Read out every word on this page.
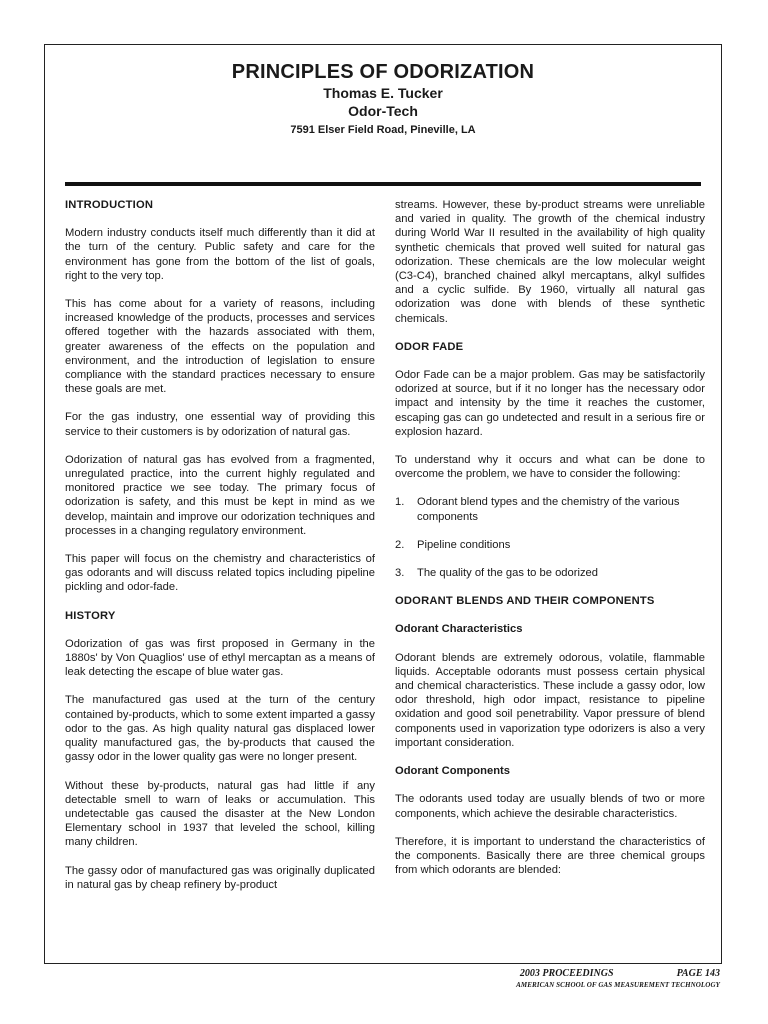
PRINCIPLES OF ODORIZATION
Thomas E. Tucker
Odor-Tech
7591 Elser Field Road, Pineville, LA
INTRODUCTION

Modern industry conducts itself much differently than it did at the turn of the century. Public safety and care for the environment has gone from the bottom of the list of goals, right to the very top.

This has come about for a variety of reasons, including increased knowledge of the products, processes and services offered together with the hazards associated with them, greater awareness of the effects on the population and environment, and the introduction of legislation to ensure compliance with the standard practices necessary to ensure these goals are met.

For the gas industry, one essential way of providing this service to their customers is by odorization of natural gas.

Odorization of natural gas has evolved from a fragmented, unregulated practice, into the current highly regulated and monitored practice we see today. The primary focus of odorization is safety, and this must be kept in mind as we develop, maintain and improve our odorization techniques and processes in a changing regulatory environment.

This paper will focus on the chemistry and characteristics of gas odorants and will discuss related topics including pipeline pickling and odor-fade.

HISTORY

Odorization of gas was first proposed in Germany in the 1880s' by Von Quaglios' use of ethyl mercaptan as a means of leak detecting the escape of blue water gas.

The manufactured gas used at the turn of the century contained by-products, which to some extent imparted a gassy odor to the gas. As high quality natural gas displaced lower quality manufactured gas, the by-products that caused the gassy odor in the lower quality gas were no longer present.

Without these by-products, natural gas had little if any detectable smell to warn of leaks or accumulation. This undetectable gas caused the disaster at the New London Elementary school in 1937 that leveled the school, killing many children.

The gassy odor of manufactured gas was originally duplicated in natural gas by cheap refinery by-product

streams. However, these by-product streams were unreliable and varied in quality. The growth of the chemical industry during World War II resulted in the availability of high quality synthetic chemicals that proved well suited for natural gas odorization. These chemicals are the low molecular weight (C3-C4), branched chained alkyl mercaptans, alkyl sulfides and a cyclic sulfide. By 1960, virtually all natural gas odorization was done with blends of these synthetic chemicals.

ODOR FADE

Odor Fade can be a major problem. Gas may be satisfactorily odorized at source, but if it no longer has the necessary odor impact and intensity by the time it reaches the customer, escaping gas can go undetected and result in a serious fire or explosion hazard.

To understand why it occurs and what can be done to overcome the problem, we have to consider the following:

1.	Odorant blend types and the chemistry of the various components
2.	Pipeline conditions
3.	The quality of the gas to be odorized
ODORANT BLENDS AND THEIR COMPONENTS
Odorant Characteristics

Odorant blends are extremely odorous, volatile, flammable liquids. Acceptable odorants must possess certain physical and chemical characteristics. These include a gassy odor, low odor threshold, high odor impact, resistance to pipeline oxidation and good soil penetrability. Vapor pressure of blend components used in vaporization type odorizers is also a very important consideration.

Odorant Components

The odorants used today are usually blends of two or more components, which achieve the desirable characteristics.

Therefore, it is important to understand the characteristics of the components. Basically there are three chemical groups from which odorants are blended:

2003 PROCEEDINGS	PAGE 143
AMERICAN SCHOOL OF GAS MEASUREMENT TECHNOLOGY
